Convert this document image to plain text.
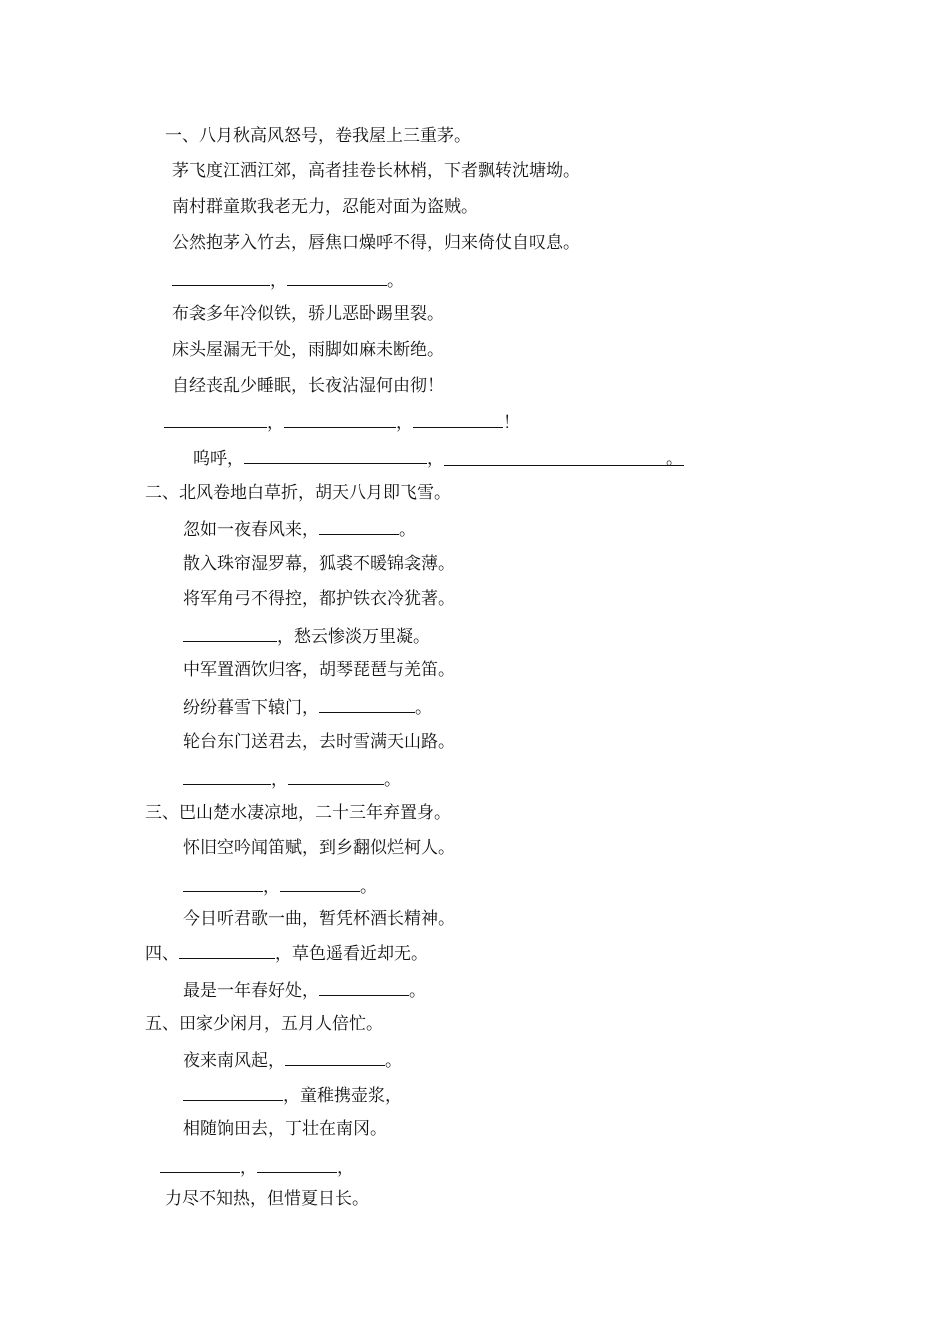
一、八月秋高风怒号，卷我屋上三重茅。
茅飞度江洒江郊，高者挂卷长林梢，下者飘转沈塘坳。
南村群童欺我老无力，忍能对面为盗贼。
公然抱茅入竹去，唇焦口燥呼不得，归来倚仗自叹息。
，	。
布衾多年冷似铁，骄儿恶卧踢里裂。
床头屋漏无干处，雨脚如麻未断绝。
自经丧乱少睡眠，长夜沾湿何由彻！
，	，	！
呜呼，	，	。
二、北风卷地白草折，胡天八月即飞雪。
忽如一夜春风来，	。
散入珠帘湿罗幕，狐裘不暖锦衾薄。
将军角弓不得控，都护铁衣冷犹著。
，愁云惨淡万里凝。
中军置酒饮归客，胡琴琵琶与羌笛。
纷纷暮雪下辕门，	。
轮台东门送君去，去时雪满天山路。
，	。
三、巴山楚水凄凉地，二十三年弃置身。
怀旧空吟闻笛赋，到乡翻似烂柯人。
，	。
今日听君歌一曲，暂凭杯酒长精神。
四、	，草色遥看近却无。
最是一年春好处，	。
五、田家少闲月，五月人倍忙。
夜来南风起，	。
，童稚携壶浆，
相随饷田去，丁壮在南冈。
，	，
力尽不知热，但惜夏日长。
